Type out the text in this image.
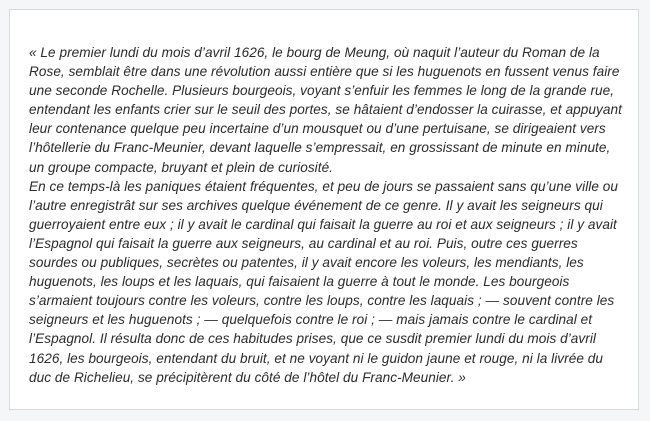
« Le premier lundi du mois d’avril 1626, le bourg de Meung, où naquit l’auteur du Roman de la Rose, semblait être dans une révolution aussi entière que si les huguenots en fussent venus faire une seconde Rochelle. Plusieurs bourgeois, voyant s’enfuir les femmes le long de la grande rue, entendant les enfants crier sur le seuil des portes, se hâtaient d’endosser la cuirasse, et appuyant leur contenance quelque peu incertaine d’un mousquet ou d’une pertuisane, se dirigeaient vers l’hôtellerie du Franc-Meunier, devant laquelle s’empressait, en grossissant de minute en minute, un groupe compacte, bruyant et plein de curiosité.

En ce temps-là les paniques étaient fréquentes, et peu de jours se passaient sans qu’une ville ou l’autre enregistrât sur ses archives quelque événement de ce genre. Il y avait les seigneurs qui guerroyaient entre eux ; il y avait le cardinal qui faisait la guerre au roi et aux seigneurs ; il y avait l’Espagnol qui faisait la guerre aux seigneurs, au cardinal et au roi. Puis, outre ces guerres sourdes ou publiques, secrètes ou patentes, il y avait encore les voleurs, les mendiants, les huguenots, les loups et les laquais, qui faisaient la guerre à tout le monde. Les bourgeois s’armaient toujours contre les voleurs, contre les loups, contre les laquais ; — souvent contre les seigneurs et les huguenots ; — quelquefois contre le roi ; — mais jamais contre le cardinal et l’Espagnol. Il résulta donc de ces habitudes prises, que ce susdit premier lundi du mois d’avril 1626, les bourgeois, entendant du bruit, et ne voyant ni le guidon jaune et rouge, ni la livrée du duc de Richelieu, se précipitèrent du côté de l’hôtel du Franc-Meunier. »
